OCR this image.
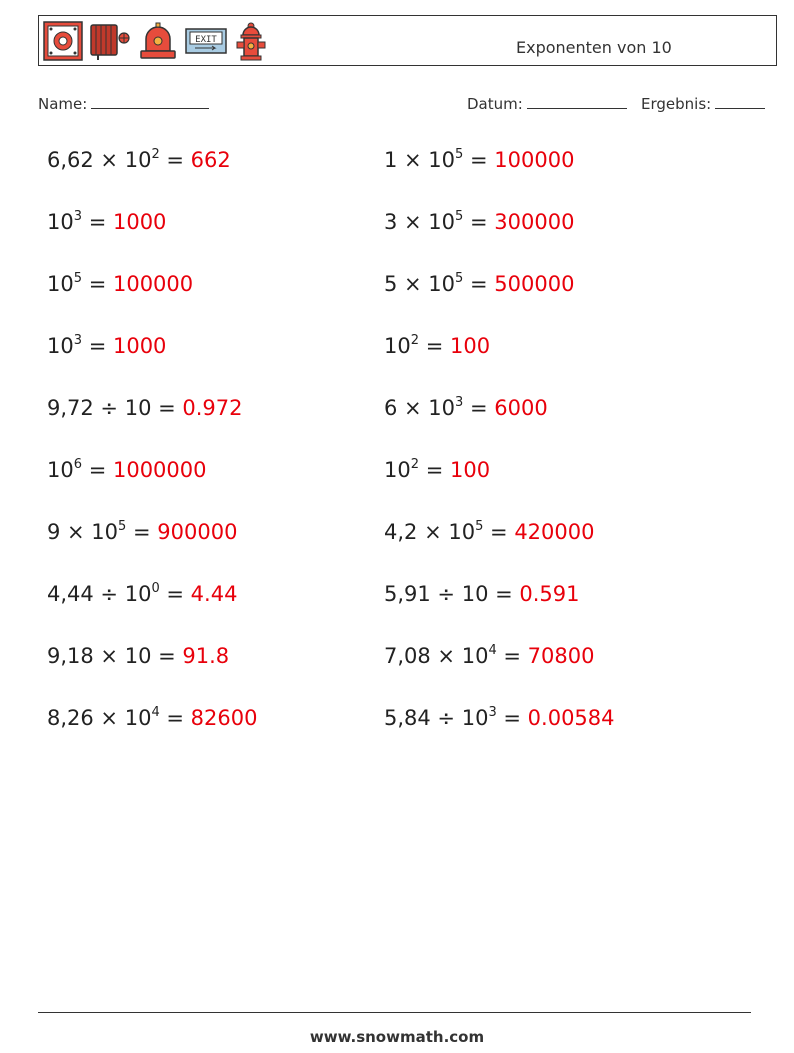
EXIT	Exponenten von 10
Name:	Datum:	Ergebnis:
$6,62 \times 10^2 = 662$	$1 \times 10^5 = 100000$
$10^3 = 1000$	$3 \times 10^5 = 300000$
$10^5 = 100000$	$5 \times 10^5 = 500000$
$10^3 = 1000$	$10^2 = 100$
9,72 ÷ 10 = 0.972	$6 \times 10^3 = 6000$
$10^6 = 1000000$	$10^2 = 100$
$9 \times 10^5 = 900000$	$4,2 \times 10^5 = 420000$
$4,44 \div 10^0 = 4.44$	5,91 ÷ 10 = 0.591
9,18 × 10 = 91.8	$7,08 \times 10^4 = 70800$
$8,26 \times 10^4 = 82600$	$5,84 \div 10^3 = 0.00584$
www.snowmath.com
